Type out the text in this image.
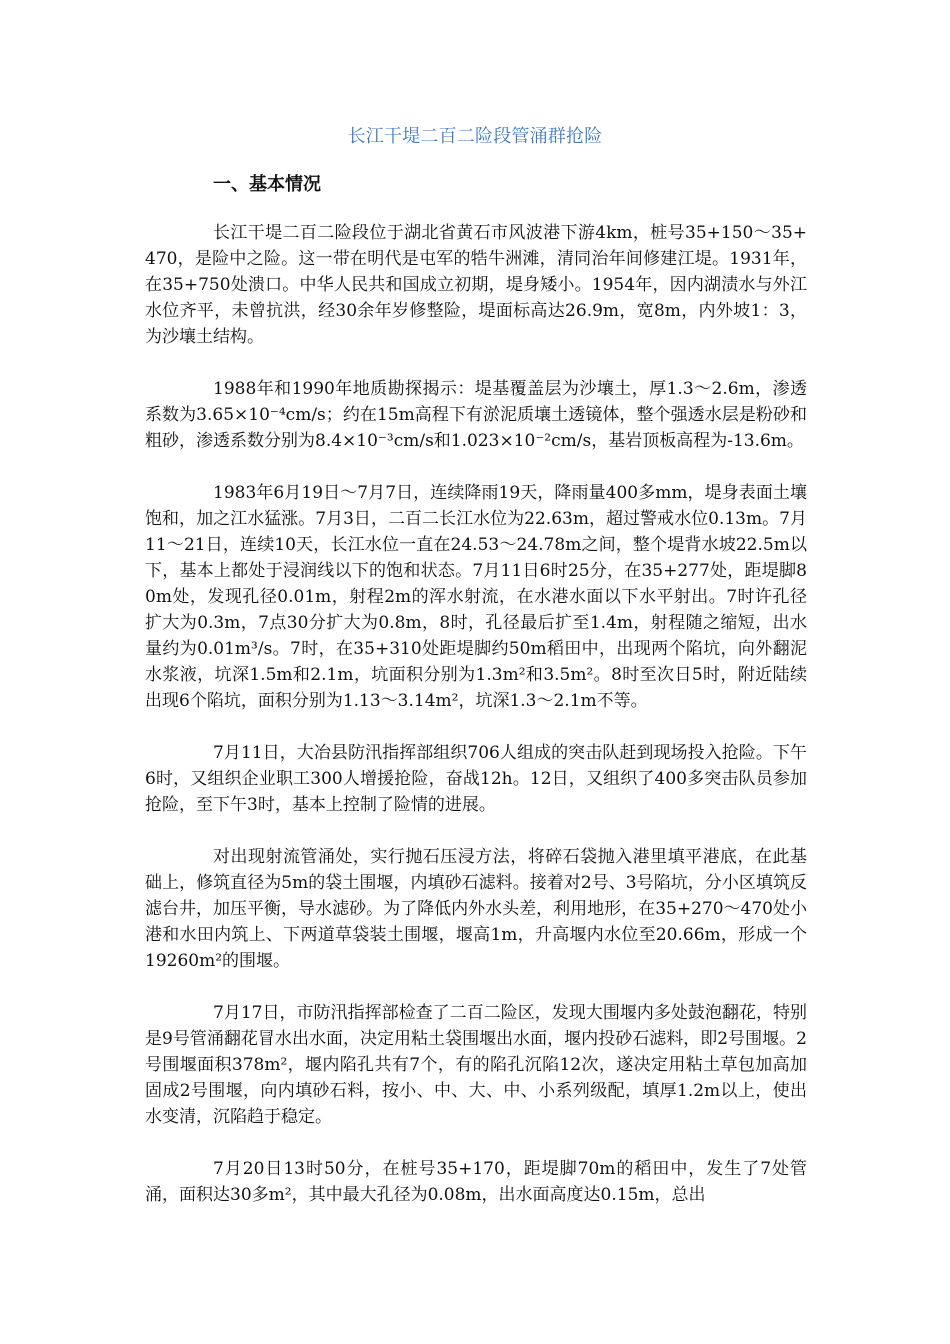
长江干堤二百二险段管涌群抢险
一、基本情况

长江干堤二百二险段位于湖北省黄石市风波港下游4km，桩号35+150～35+470，是险中之险。这一带在明代是屯军的牿牛洲滩，清同治年间修建江堤。1931年，在35+750处溃口。中华人民共和国成立初期，堤身矮小。1954年，因内湖渍水与外江水位齐平，未曾抗洪，经30余年岁修整险，堤面标高达26.9m，宽8m，内外坡1：3，为沙壤土结构。

1988年和1990年地质勘探揭示：堤基覆盖层为沙壤土，厚1.3～2.6m，渗透系数为3.65×10⁻⁴cm/s；约在15m高程下有淤泥质壤土透镜体，整个强透水层是粉砂和粗砂，渗透系数分别为8.4×10⁻³cm/s和1.023×10⁻²cm/s，基岩顶板高程为-13.6m。

1983年6月19日～7月7日，连续降雨19天，降雨量400多mm，堤身表面土壤饱和，加之江水猛涨。7月3日，二百二长江水位为22.63m，超过警戒水位0.13m。7月11～21日，连续10天，长江水位一直在24.53～24.78m之间，整个堤背水坡22.5m以下，基本上都处于浸润线以下的饱和状态。7月11日6时25分，在35+277处，距堤脚80m处，发现孔径0.01m，射程2m的浑水射流，在水港水面以下水平射出。7时许孔径扩大为0.3m，7点30分扩大为0.8m，8时，孔径最后扩至1.4m，射程随之缩短，出水量约为0.01m³/s。7时，在35+310处距堤脚约50m稻田中，出现两个陷坑，向外翻泥水浆液，坑深1.5m和2.1m，坑面积分别为1.3m²和3.5m²。8时至次日5时，附近陆续出现6个陷坑，面积分别为1.13～3.14m²，坑深1.3～2.1m不等。

7月11日，大冶县防汛指挥部组织706人组成的突击队赶到现场投入抢险。下午6时，又组织企业职工300人增援抢险，奋战12h。12日，又组织了400多突击队员参加抢险，至下午3时，基本上控制了险情的进展。

对出现射流管涌处，实行抛石压浸方法，将碎石袋抛入港里填平港底，在此基础上，修筑直径为5m的袋土围堰，内填砂石滤料。接着对2号、3号陷坑，分小区填筑反滤台井，加压平衡，导水滤砂。为了降低内外水头差，利用地形，在35+270～470处小港和水田内筑上、下两道草袋装土围堰，堰高1m，升高堰内水位至20.66m，形成一个19260m²的围堰。

7月17日，市防汛指挥部检查了二百二险区，发现大围堰内多处鼓泡翻花，特别是9号管涌翻花冒水出水面，决定用粘土袋围堰出水面，堰内投砂石滤料，即2号围堰。2号围堰面积378m²，堰内陷孔共有7个，有的陷孔沉陷12次，遂决定用粘土草包加高加固成2号围堰，向内填砂石料，按小、中、大、中、小系列级配，填厚1.2m以上，使出水变清，沉陷趋于稳定。

7月20日13时50分，在桩号35+170，距堤脚70m的稻田中，发生了7处管涌，面积达30多m²，其中最大孔径为0.08m，出水面高度达0.15m，总出
